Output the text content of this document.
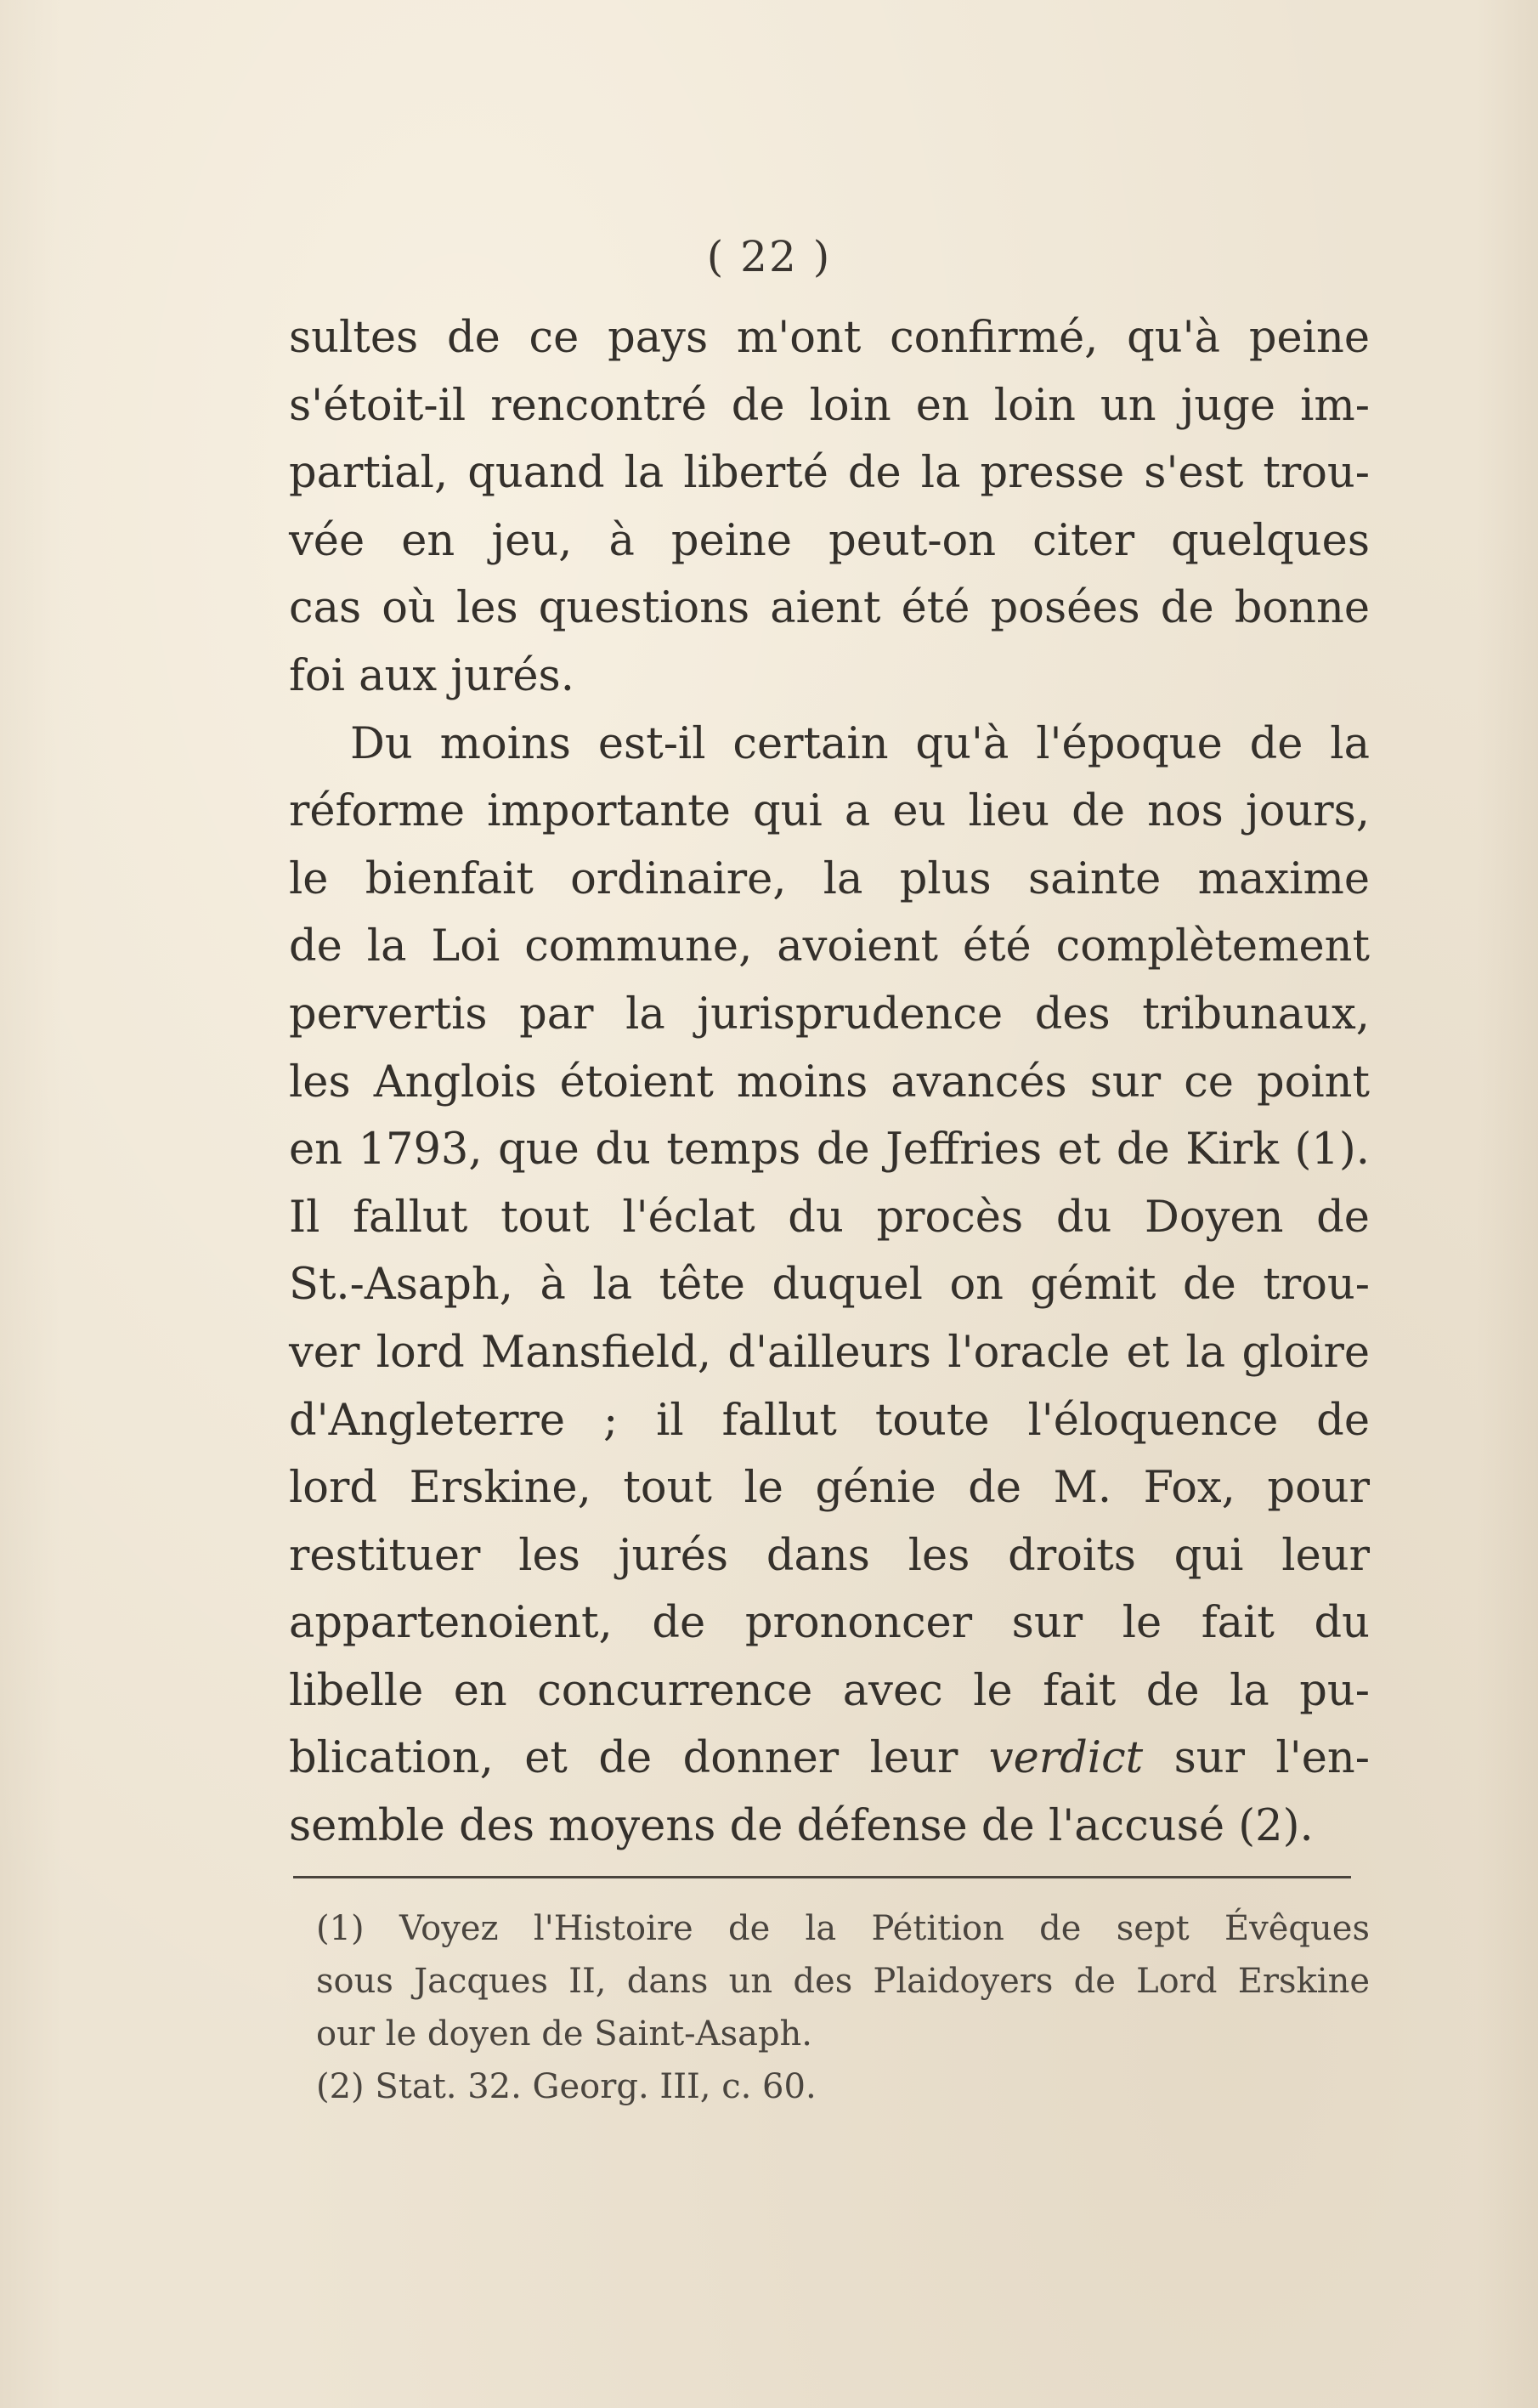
( 22 )
sultes de ce pays m'ont confirmé, qu'à peine
s'étoit-il rencontré de loin en loin un juge im-
partial, quand la liberté de la presse s'est trou-
vée en jeu, à peine peut-on citer quelques
cas où les questions aient été posées de bonne
foi aux jurés.
Du moins est-il certain qu'à l'époque de la
réforme importante qui a eu lieu de nos jours,
le bienfait ordinaire, la plus sainte maxime
de la Loi commune, avoient été complètement
pervertis par la jurisprudence des tribunaux,
les Anglois étoient moins avancés sur ce point
en 1793, que du temps de Jeffries et de Kirk (1).
Il fallut tout l'éclat du procès du Doyen de
St.-Asaph, à la tête duquel on gémit de trou-
ver lord Mansfield, d'ailleurs l'oracle et la gloire
d'Angleterre ; il fallut toute l'éloquence de
lord Erskine, tout le génie de M. Fox, pour
restituer les jurés dans les droits qui leur
appartenoient, de prononcer sur le fait du
libelle en concurrence avec le fait de la pu-
blication, et de donner leur verdict sur l'en-
semble des moyens de défense de l'accusé (2).
(1) Voyez l'Histoire de la Pétition de sept Évêques
sous Jacques II, dans un des Plaidoyers de Lord Erskine
our le doyen de Saint-Asaph.
(2) Stat. 32. Georg. III, c. 60.
